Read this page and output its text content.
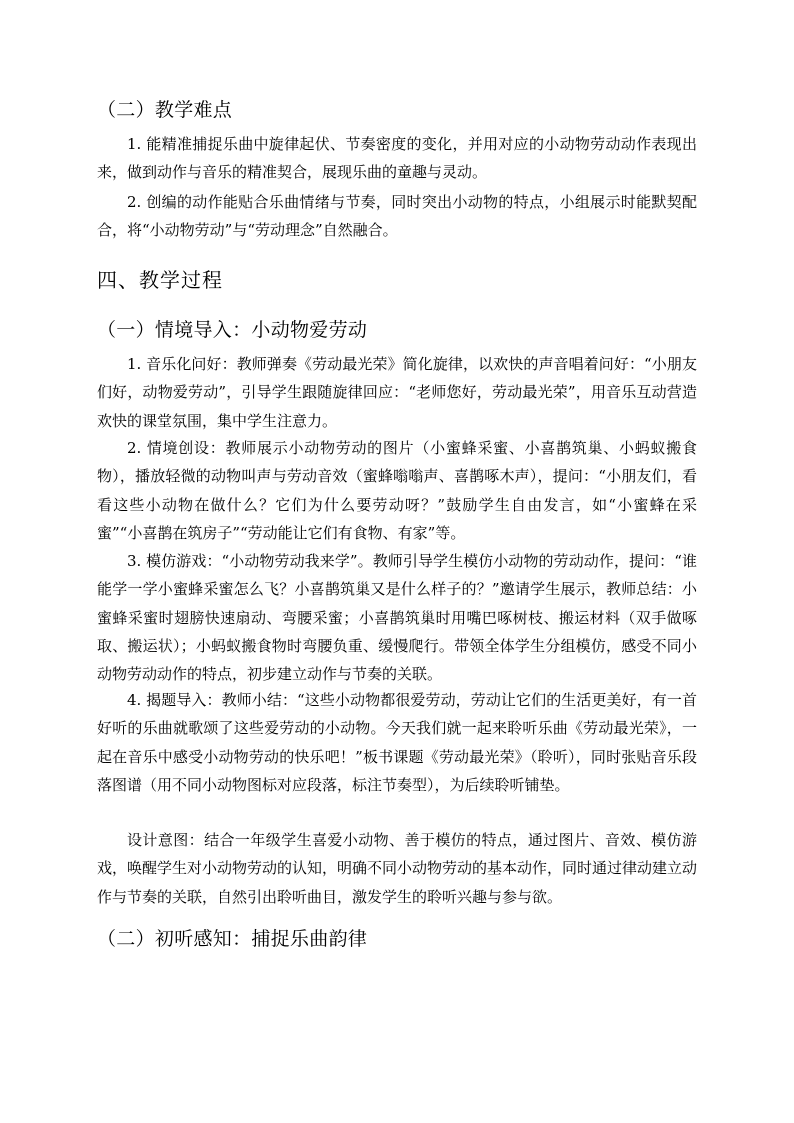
（二）教学难点

1. 能精准捕捉乐曲中旋律起伏、节奏密度的变化，并用对应的小动物劳动动作表现出来，做到动作与音乐的精准契合，展现乐曲的童趣与灵动。

2. 创编的动作能贴合乐曲情绪与节奏，同时突出小动物的特点，小组展示时能默契配合，将“小动物劳动”与“劳动理念”自然融合。

四、教学过程
（一）情境导入：小动物爱劳动

1. 音乐化问好：教师弹奏《劳动最光荣》简化旋律，以欢快的声音唱着问好：“小朋友们好，动物爱劳动”，引导学生跟随旋律回应：“老师您好，劳动最光荣”，用音乐互动营造欢快的课堂氛围，集中学生注意力。

2. 情境创设：教师展示小动物劳动的图片（小蜜蜂采蜜、小喜鹊筑巢、小蚂蚁搬食物），播放轻微的动物叫声与劳动音效（蜜蜂嗡嗡声、喜鹊啄木声），提问：“小朋友们，看看这些小动物在做什么？它们为什么要劳动呀？”鼓励学生自由发言，如“小蜜蜂在采蜜”“小喜鹊在筑房子”“劳动能让它们有食物、有家”等。

3. 模仿游戏：“小动物劳动我来学”。教师引导学生模仿小动物的劳动动作，提问：“谁能学一学小蜜蜂采蜜怎么飞？小喜鹊筑巢又是什么样子的？”邀请学生展示，教师总结：小蜜蜂采蜜时翅膀快速扇动、弯腰采蜜；小喜鹊筑巢时用嘴巴啄树枝、搬运材料（双手做啄取、搬运状）；小蚂蚁搬食物时弯腰负重、缓慢爬行。带领全体学生分组模仿，感受不同小动物劳动动作的特点，初步建立动作与节奏的关联。

4. 揭题导入：教师小结：“这些小动物都很爱劳动，劳动让它们的生活更美好，有一首好听的乐曲就歌颂了这些爱劳动的小动物。今天我们就一起来聆听乐曲《劳动最光荣》，一起在音乐中感受小动物劳动的快乐吧！”板书课题《劳动最光荣》（聆听），同时张贴音乐段落图谱（用不同小动物图标对应段落，标注节奏型），为后续聆听铺垫。

设计意图：结合一年级学生喜爱小动物、善于模仿的特点，通过图片、音效、模仿游戏，唤醒学生对小动物劳动的认知，明确不同小动物劳动的基本动作，同时通过律动建立动作与节奏的关联，自然引出聆听曲目，激发学生的聆听兴趣与参与欲。

（二）初听感知：捕捉乐曲韵律
